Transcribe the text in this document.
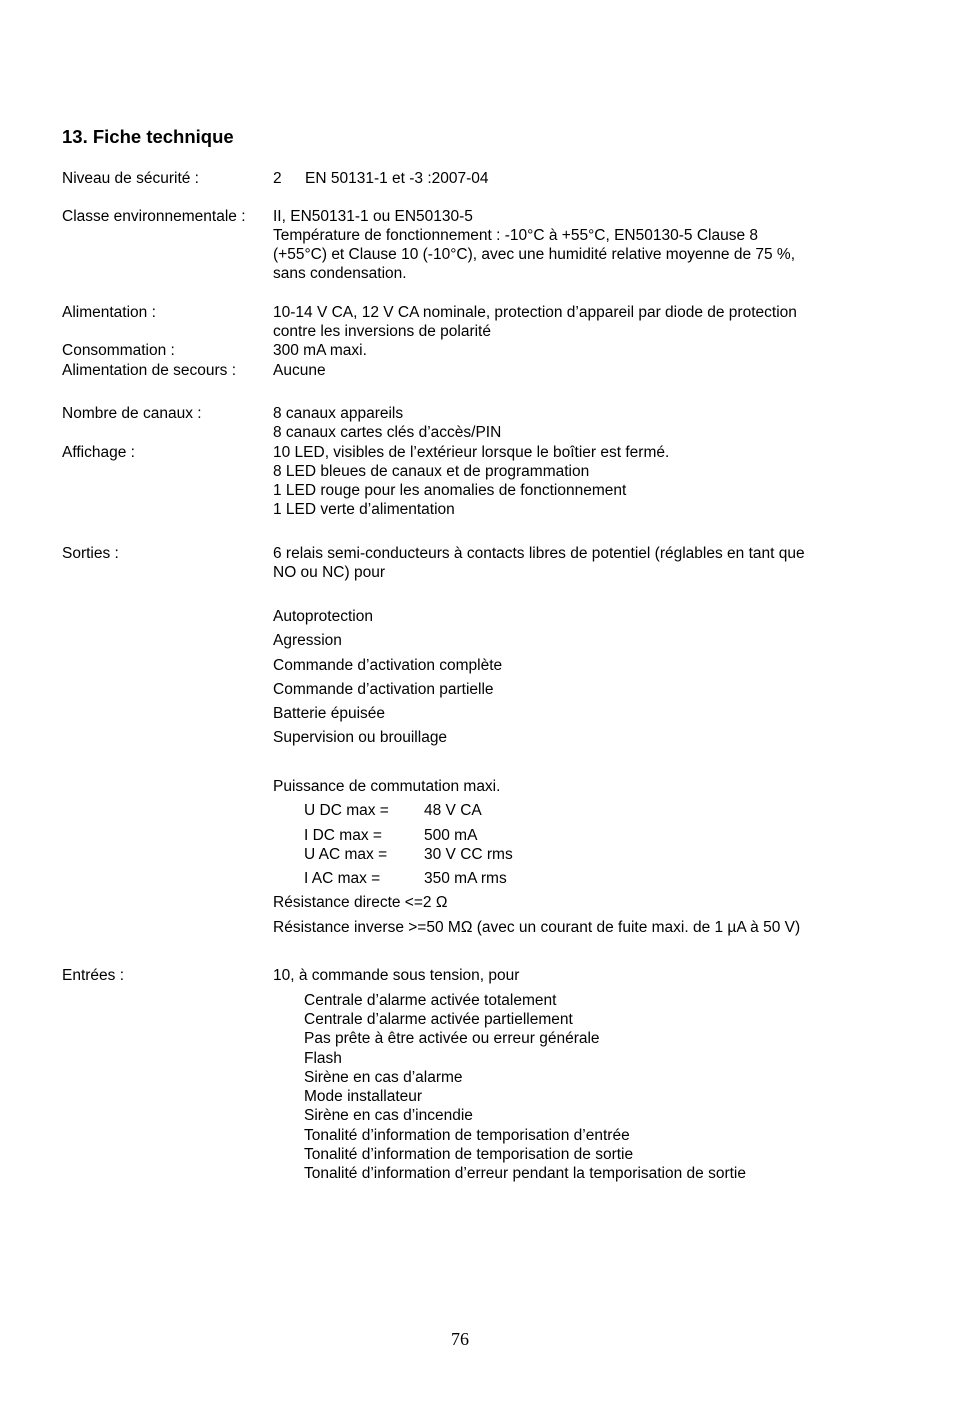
13. Fiche technique
Niveau de sécurité :	2 EN 50131-1 et -3 :2007-04
Classe environnementale : II, EN50131-1 ou EN50130-5
Température de fonctionnement : -10°C à +55°C, EN50130-5 Clause 8
(+55°C) et Clause 10 (-10°C), avec une humidité relative moyenne de 75 %,
sans condensation.
Alimentation :	10-14 V CA, 12 V CA nominale, protection d’appareil par diode de protection
contre les inversions de polarité
Consommation :	300 mA maxi.
Alimentation de secours : Aucune
Nombre de canaux :	8 canaux appareils
8 canaux cartes clés d’accès/PIN
Affichage :	10 LED, visibles de l’extérieur lorsque le boîtier est fermé.
8 LED bleues de canaux et de programmation
1 LED rouge pour les anomalies de fonctionnement
1 LED verte d’alimentation
Sorties :	6 relais semi-conducteurs à contacts libres de potentiel (réglables en tant que
NO ou NC) pour
Autoprotection
Agression
Commande d’activation complète
Commande d’activation partielle
Batterie épuisée
Supervision ou brouillage
Puissance de commutation maxi.
U DC max = 48 V CA
I DC max =	500 mA
U AC max = 30 V CC rms
I AC max =	350 mA rms
Résistance directe <=2 Ω
Résistance inverse >=50 MΩ (avec un courant de fuite maxi. de 1 µA à 50 V)
Entrées :	10, à commande sous tension, pour
Centrale d’alarme activée totalement
Centrale d’alarme activée partiellement
Pas prête à être activée ou erreur générale
Flash
Sirène en cas d’alarme
Mode installateur
Sirène en cas d’incendie
Tonalité d’information de temporisation d’entrée
Tonalité d’information de temporisation de sortie
Tonalité d’information d’erreur pendant la temporisation de sortie
76
